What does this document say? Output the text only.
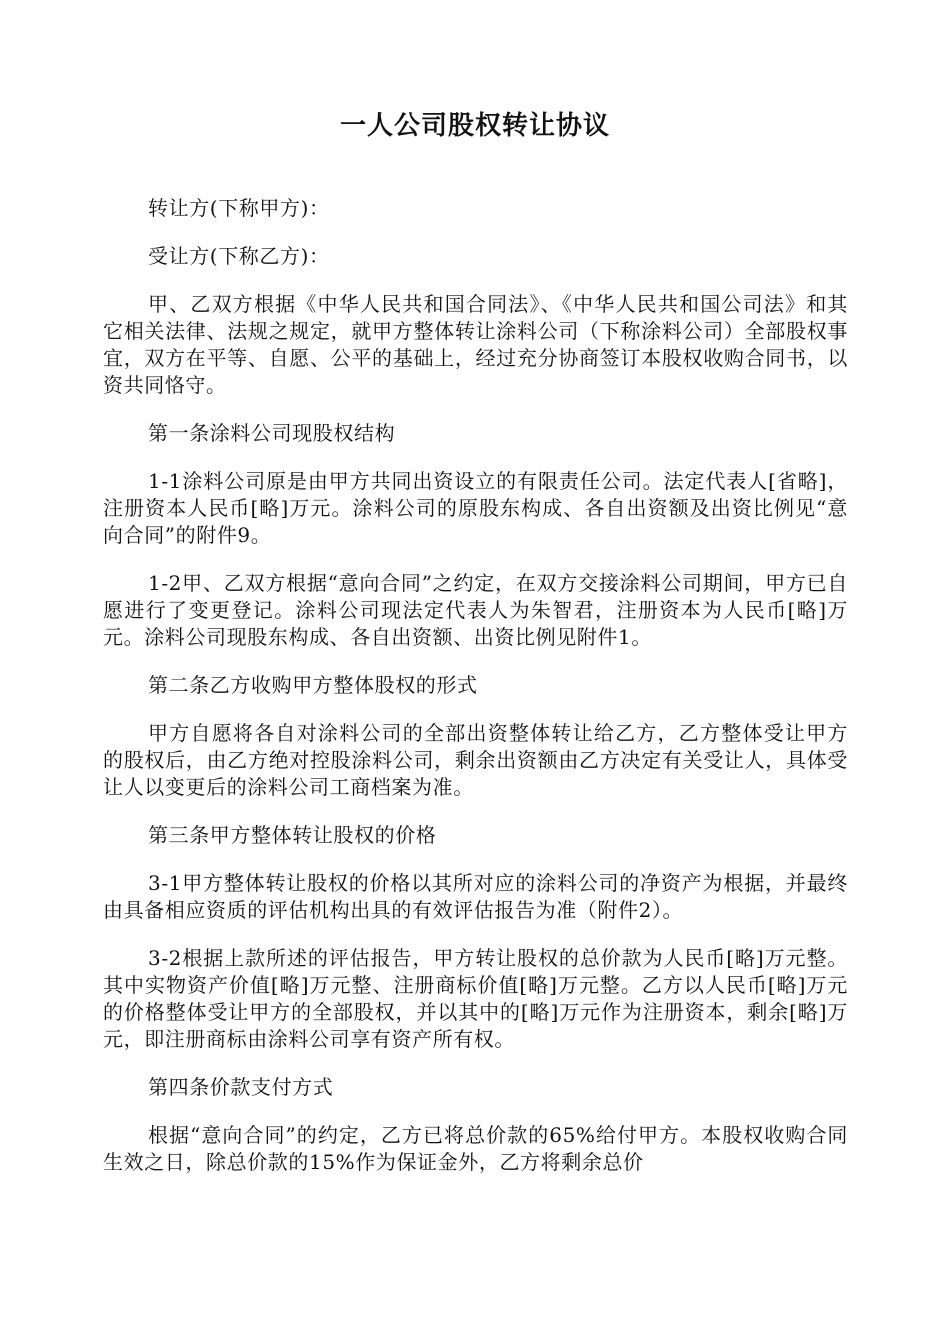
一人公司股权转让协议

转让方(下称甲方)：

受让方(下称乙方)：

甲、乙双方根据《中华人民共和国合同法》、《中华人民共和国公司法》和其它相关法律、法规之规定，就甲方整体转让涂料公司（下称涂料公司）全部股权事宜，双方在平等、自愿、公平的基础上，经过充分协商签订本股权收购合同书，以资共同恪守。

第一条涂料公司现股权结构

1-1涂料公司原是由甲方共同出资设立的有限责任公司。法定代表人[省略]，注册资本人民币[略]万元。涂料公司的原股东构成、各自出资额及出资比例见“意向合同”的附件9。

1-2甲、乙双方根据“意向合同”之约定，在双方交接涂料公司期间，甲方已自愿进行了变更登记。涂料公司现法定代表人为朱智君，注册资本为人民币[略]万元。涂料公司现股东构成、各自出资额、出资比例见附件1。

第二条乙方收购甲方整体股权的形式

甲方自愿将各自对涂料公司的全部出资整体转让给乙方，乙方整体受让甲方的股权后，由乙方绝对控股涂料公司，剩余出资额由乙方决定有关受让人，具体受让人以变更后的涂料公司工商档案为准。

第三条甲方整体转让股权的价格

3-1甲方整体转让股权的价格以其所对应的涂料公司的净资产为根据，并最终由具备相应资质的评估机构出具的有效评估报告为准（附件2）。

3-2根据上款所述的评估报告，甲方转让股权的总价款为人民币[略]万元整。其中实物资产价值[略]万元整、注册商标价值[略]万元整。乙方以人民币[略]万元的价格整体受让甲方的全部股权，并以其中的[略]万元作为注册资本，剩余[略]万元，即注册商标由涂料公司享有资产所有权。

第四条价款支付方式

根据“意向合同”的约定，乙方已将总价款的65%给付甲方。本股权收购合同生效之日，除总价款的15%作为保证金外，乙方将剩余总价
